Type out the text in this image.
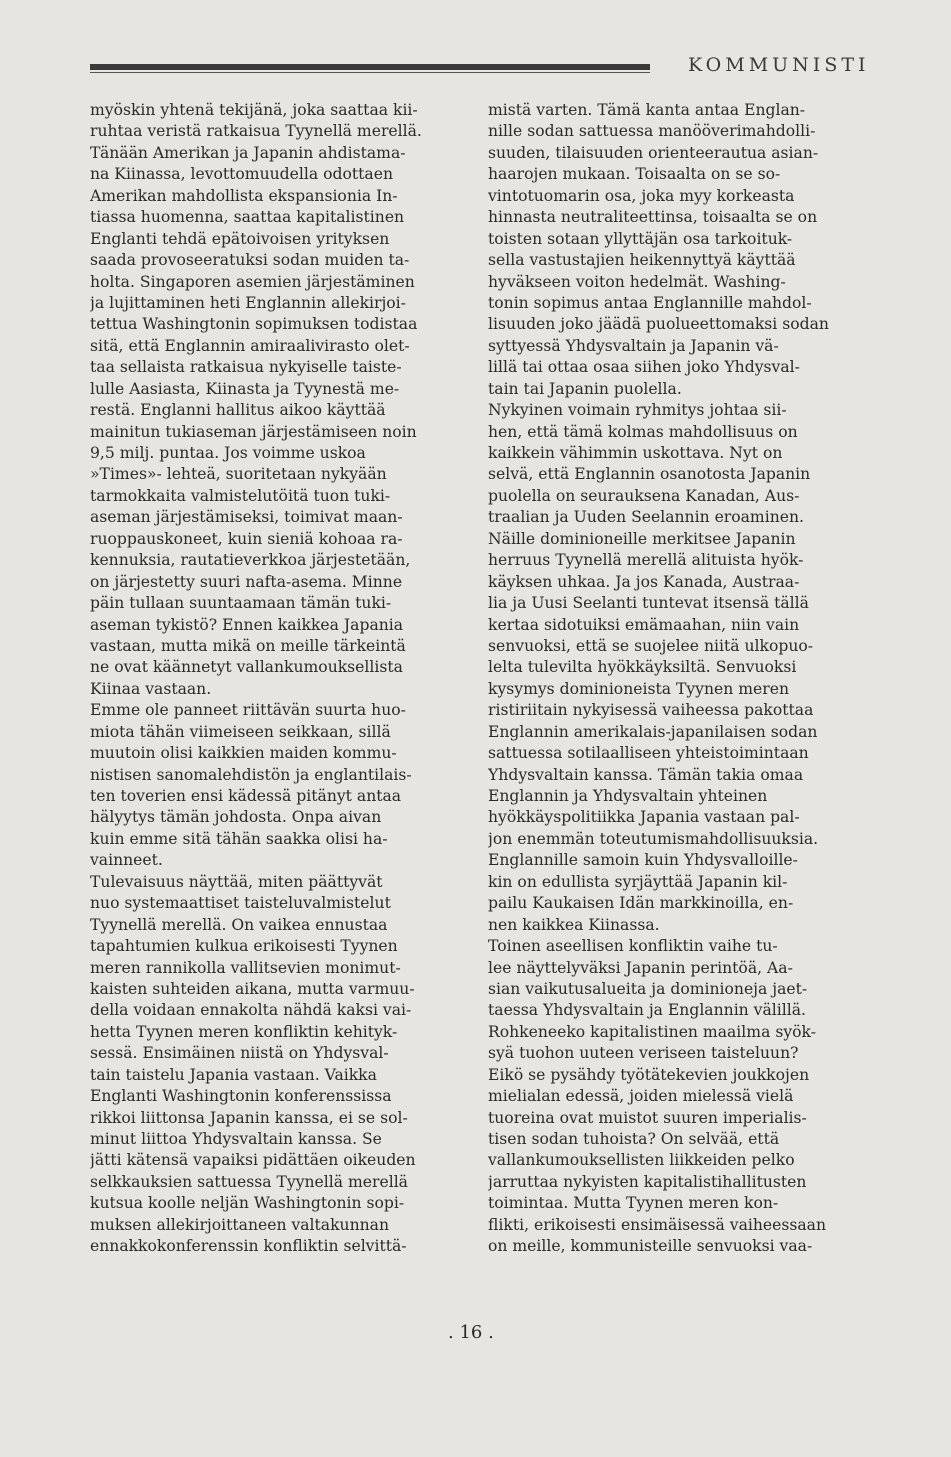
KOMMUNISTI
myöskin yhtenä tekijänä, joka saattaa kii-
ruhtaa veristä ratkaisua Tyynellä merellä.
Tänään Amerikan ja Japanin ahdistama-
na Kiinassa, levottomuudella odottaen
Amerikan mahdollista ekspansionia In-
tiassa huomenna, saattaa kapitalistinen
Englanti tehdä epätoivoisen yrityksen
saada provoseeratuksi sodan muiden ta-
holta. Singaporen asemien järjestäminen
ja lujittaminen heti Englannin allekirjoi-
tettua Washingtonin sopimuksen todistaa
sitä, että Englannin amiraalivirasto olet-
taa sellaista ratkaisua nykyiselle taiste-
lulle Aasiasta, Kiinasta ja Tyynestä me-
restä. Englanni hallitus aikoo käyttää
mainitun tukiaseman järjestämiseen noin
9,5 milj. puntaa. Jos voimme uskoa
»Times»- lehteä, suoritetaan nykyään
tarmokkaita valmistelutöitä tuon tuki-
aseman järjestämiseksi, toimivat maan-
ruoppauskoneet, kuin sieniä kohoaa ra-
kennuksia, rautatieverkkoa järjestetään,
on järjestetty suuri nafta-asema. Minne
päin tullaan suuntaamaan tämän tuki-
aseman tykistö? Ennen kaikkea Japania
vastaan, mutta mikä on meille tärkeintä
ne ovat käännetyt vallankumouksellista
Kiinaa vastaan.
Emme ole panneet riittävän suurta huo-
miota tähän viimeiseen seikkaan, sillä
muutoin olisi kaikkien maiden kommu-
nistisen sanomalehdistön ja englantilais-
ten toverien ensi kädessä pitänyt antaa
hälyytys tämän johdosta. Onpa aivan
kuin emme sitä tähän saakka olisi ha-
vainneet.
Tulevaisuus näyttää, miten päättyvät
nuo systemaattiset taisteluvalmistelut
Tyynellä merellä. On vaikea ennustaa
tapahtumien kulkua erikoisesti Tyynen
meren rannikolla vallitsevien monimut-
kaisten suhteiden aikana, mutta varmuu-
della voidaan ennakolta nähdä kaksi vai-
hetta Tyynen meren konfliktin kehityk-
sessä. Ensimäinen niistä on Yhdysval-
tain taistelu Japania vastaan. Vaikka
Englanti Washingtonin konferenssissa
rikkoi liittonsa Japanin kanssa, ei se sol-
minut liittoa Yhdysvaltain kanssa. Se
jätti kätensä vapaiksi pidättäen oikeuden
selkkauksien sattuessa Tyynellä merellä
kutsua koolle neljän Washingtonin sopi-
muksen allekirjoittaneen valtakunnan
ennakkokonferenssin konfliktin selvittä-
mistä varten. Tämä kanta antaa Englan-
nille sodan sattuessa manööverimahdolli-
suuden, tilaisuuden orienteerautua asian-
haarojen mukaan. Toisaalta on se so-
vintotuomarin osa, joka myy korkeasta
hinnasta neutraliteettinsa, toisaalta se on
toisten sotaan yllyttäjän osa tarkoituk-
sella vastustajien heikennyttyä käyttää
hyväkseen voiton hedelmät. Washing-
tonin sopimus antaa Englannille mahdol-
lisuuden joko jäädä puolueettomaksi sodan
syttyessä Yhdysvaltain ja Japanin vä-
lillä tai ottaa osaa siihen joko Yhdysval-
tain tai Japanin puolella.
Nykyinen voimain ryhmitys johtaa sii-
hen, että tämä kolmas mahdollisuus on
kaikkein vähimmin uskottava. Nyt on
selvä, että Englannin osanotosta Japanin
puolella on seurauksena Kanadan, Aus-
traalian ja Uuden Seelannin eroaminen.
Näille dominioneille merkitsee Japanin
herruus Tyynellä merellä alituista hyök-
käyksen uhkaa. Ja jos Kanada, Austraa-
lia ja Uusi Seelanti tuntevat itsensä tällä
kertaa sidotuiksi emämaahan, niin vain
senvuoksi, että se suojelee niitä ulkopuo-
lelta tulevilta hyökkäyksiltä. Senvuoksi
kysymys dominioneista Tyynen meren
ristiriitain nykyisessä vaiheessa pakottaa
Englannin amerikalais-japanilaisen sodan
sattuessa sotilaalliseen yhteistoimintaan
Yhdysvaltain kanssa. Tämän takia omaa
Englannin ja Yhdysvaltain yhteinen
hyökkäyspolitiikka Japania vastaan pal-
jon enemmän toteutumismahdollisuuksia.
Englannille samoin kuin Yhdysvalloille-
kin on edullista syrjäyttää Japanin kil-
pailu Kaukaisen Idän markkinoilla, en-
nen kaikkea Kiinassa.
Toinen aseellisen konfliktin vaihe tu-
lee näyttelyväksi Japanin perintöä, Aa-
sian vaikutusalueita ja dominioneja jaet-
taessa Yhdysvaltain ja Englannin välillä.
Rohkeneeko kapitalistinen maailma syök-
syä tuohon uuteen veriseen taisteluun?
Eikö se pysähdy työtätekevien joukkojen
mielialan edessä, joiden mielessä vielä
tuoreina ovat muistot suuren imperialis-
tisen sodan tuhoista? On selvää, että
vallankumouksellisten liikkeiden pelko
jarruttaa nykyisten kapitalistihallitusten
toimintaa. Mutta Tyynen meren kon-
flikti, erikoisesti ensimäisessä vaiheessaan
on meille, kommunisteille senvuoksi vaa-
. 16 .
